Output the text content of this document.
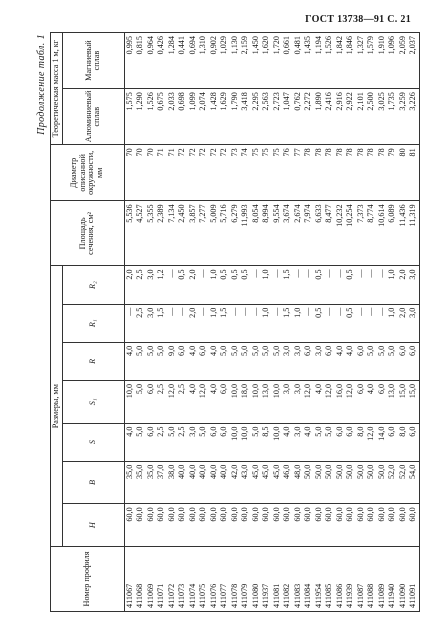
ГОСТ 13738—91 С. 21
Продолжение табл. 1
Номер профиля	Размеры, мм							Площадь сечения, см²	Диаметр описанной окружности, мм	Теоретическая масса 1 м, кг	
	H	B	S	S₁	R	R₁	R₂			Алюминиевый сплав	Магниевый сплав
411067	60,0	35,0	4,0	10,0	4,0	—	2,0	5,536	70	1,575	0,995
411068	60,0	35,0	5,0	5,0	5,0	2,5	2,5	4,527	70	1,290	0,815
411069	60,0	35,0	6,0	6,0	5,0	3,0	3,0	5,355	70	1,526	0,964
411071	60,0	37,0	2,5	2,5	5,0	1,5	1,2	2,389	71	0,675	0,426
411072	60,0	38,0	5,0	12,0	9,0	—	—	7,134	71	2,033	1,284
411073	60,0	40,0	2,5	2,5	6,0	—	0,5	2,450	72	0,698	0,441
411074	60,0	40,0	3,0	4,0	4,0	2,0	2,0	3,857	72	1,099	0,694
411075	60,0	40,0	5,0	12,0	6,0	—	—	7,277	72	2,074	1,310
411076	60,0	40,0	6,0	4,0	4,0	1,0	1,0	5,009	72	1,428	0,902
411077	60,0	40,0	6,0	6,0	5,0	1,5	0,5	5,716	72	1,629	1,029
411078	60,0	42,0	10,0	10,0	5,0	—	0,5	6,279	73	1,790	1,130
411079	60,0	43,0	10,0	18,0	5,0	—	0,5	11,993	74	3,418	2,159
411080	60,0	45,0	5,0	10,0	5,0	—	—	8,054	75	2,295	1,450
411937	60,0	45,0	8,5	13,0	5,0	1,0	1,0	8,994	75	2,563	1,620
411081	60,0	45,0	10,0	10,0	5,0	—	—	9,554	75	2,723	1,720
411082	60,0	46,0	4,0	3,0	3,0	1,5	1,5	3,674	76	1,047	0,661
411083	60,0	48,0	3,0	3,0	3,0	1,0	—	2,674	77	0,762	0,481
411084	60,0	50,0	4,0	12,0	6,0	—	—	7,974	78	2,272	1,435
411954	60,0	50,0	5,0	4,0	3,0	0,5	0,5	6,633	78	1,890	1,194
411085	60,0	50,0	5,0	12,0	6,0	—	—	8,477	78	2,416	1,526
411086	60,0	50,0	6,0	16,0	4,0	—	—	10,232	78	2,916	1,842
411939	60,0	50,0	6,0	12,0	4,0	0,5	0,5	10,254	78	2,922	1,846
411087	60,0	50,0	8,0	6,0	6,0	—	—	7,373	78	2,101	1,327
411088	60,0	50,0	12,0	4,0	5,0	—	—	8,774	78	2,500	1,579
411089	60,0	50,0	14,0	6,0	5,0	—	—	10,614	78	3,025	1,910
411940	60,0	52,0	6,0	13,0	5,0	1,0	1,0	6,089	79	1,735	1,096
411090	60,0	52,0	8,0	15,0	6,0	2,0	2,0	11,436	80	3,259	2,059
411091	60,0	54,0	6,0	15,0	6,0	3,0	3,0	11,319	81	3,226	2,037
